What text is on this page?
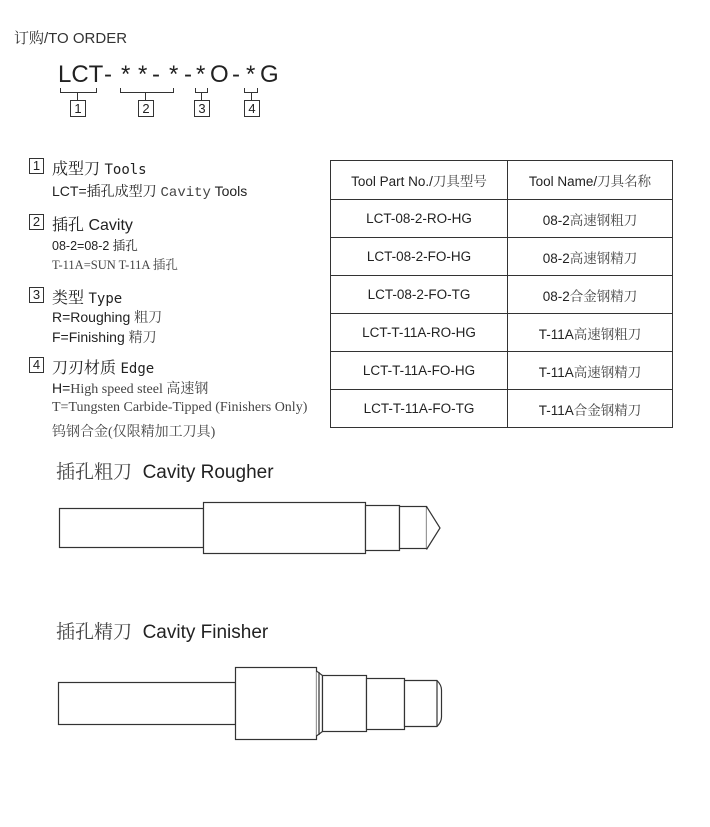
订购/TO ORDER
LCT - * * - * - * O - * G
1	2	3	4
1 成型刀 Tools
LCT=插孔成型刀 Cavity Tools
2 插孔 Cavity
08-2=08-2 插孔
T-11A=SUN T-11A 插孔
3 类型 Type
R=Roughing 粗刀
F=Finishing 精刀
4 刀刃材质 Edge
H=High speed steel 高速钢
T=Tungsten Carbide-Tipped (Finishers Only)
钨钢合金(仅限精加工刀具)
Tool Part No./刀具型号	Tool Name/刀具名称
LCT-08-2-RO-HG	08-2高速钢粗刀
LCT-08-2-FO-HG	08-2高速钢精刀
LCT-08-2-FO-TG	08-2合金钢精刀
LCT-T-11A-RO-HG	T-11A高速钢粗刀
LCT-T-11A-FO-HG	T-11A高速钢精刀
LCT-T-11A-FO-TG	T-11A合金钢精刀
插孔粗刀 Cavity Rougher
插孔精刀 Cavity Finisher
